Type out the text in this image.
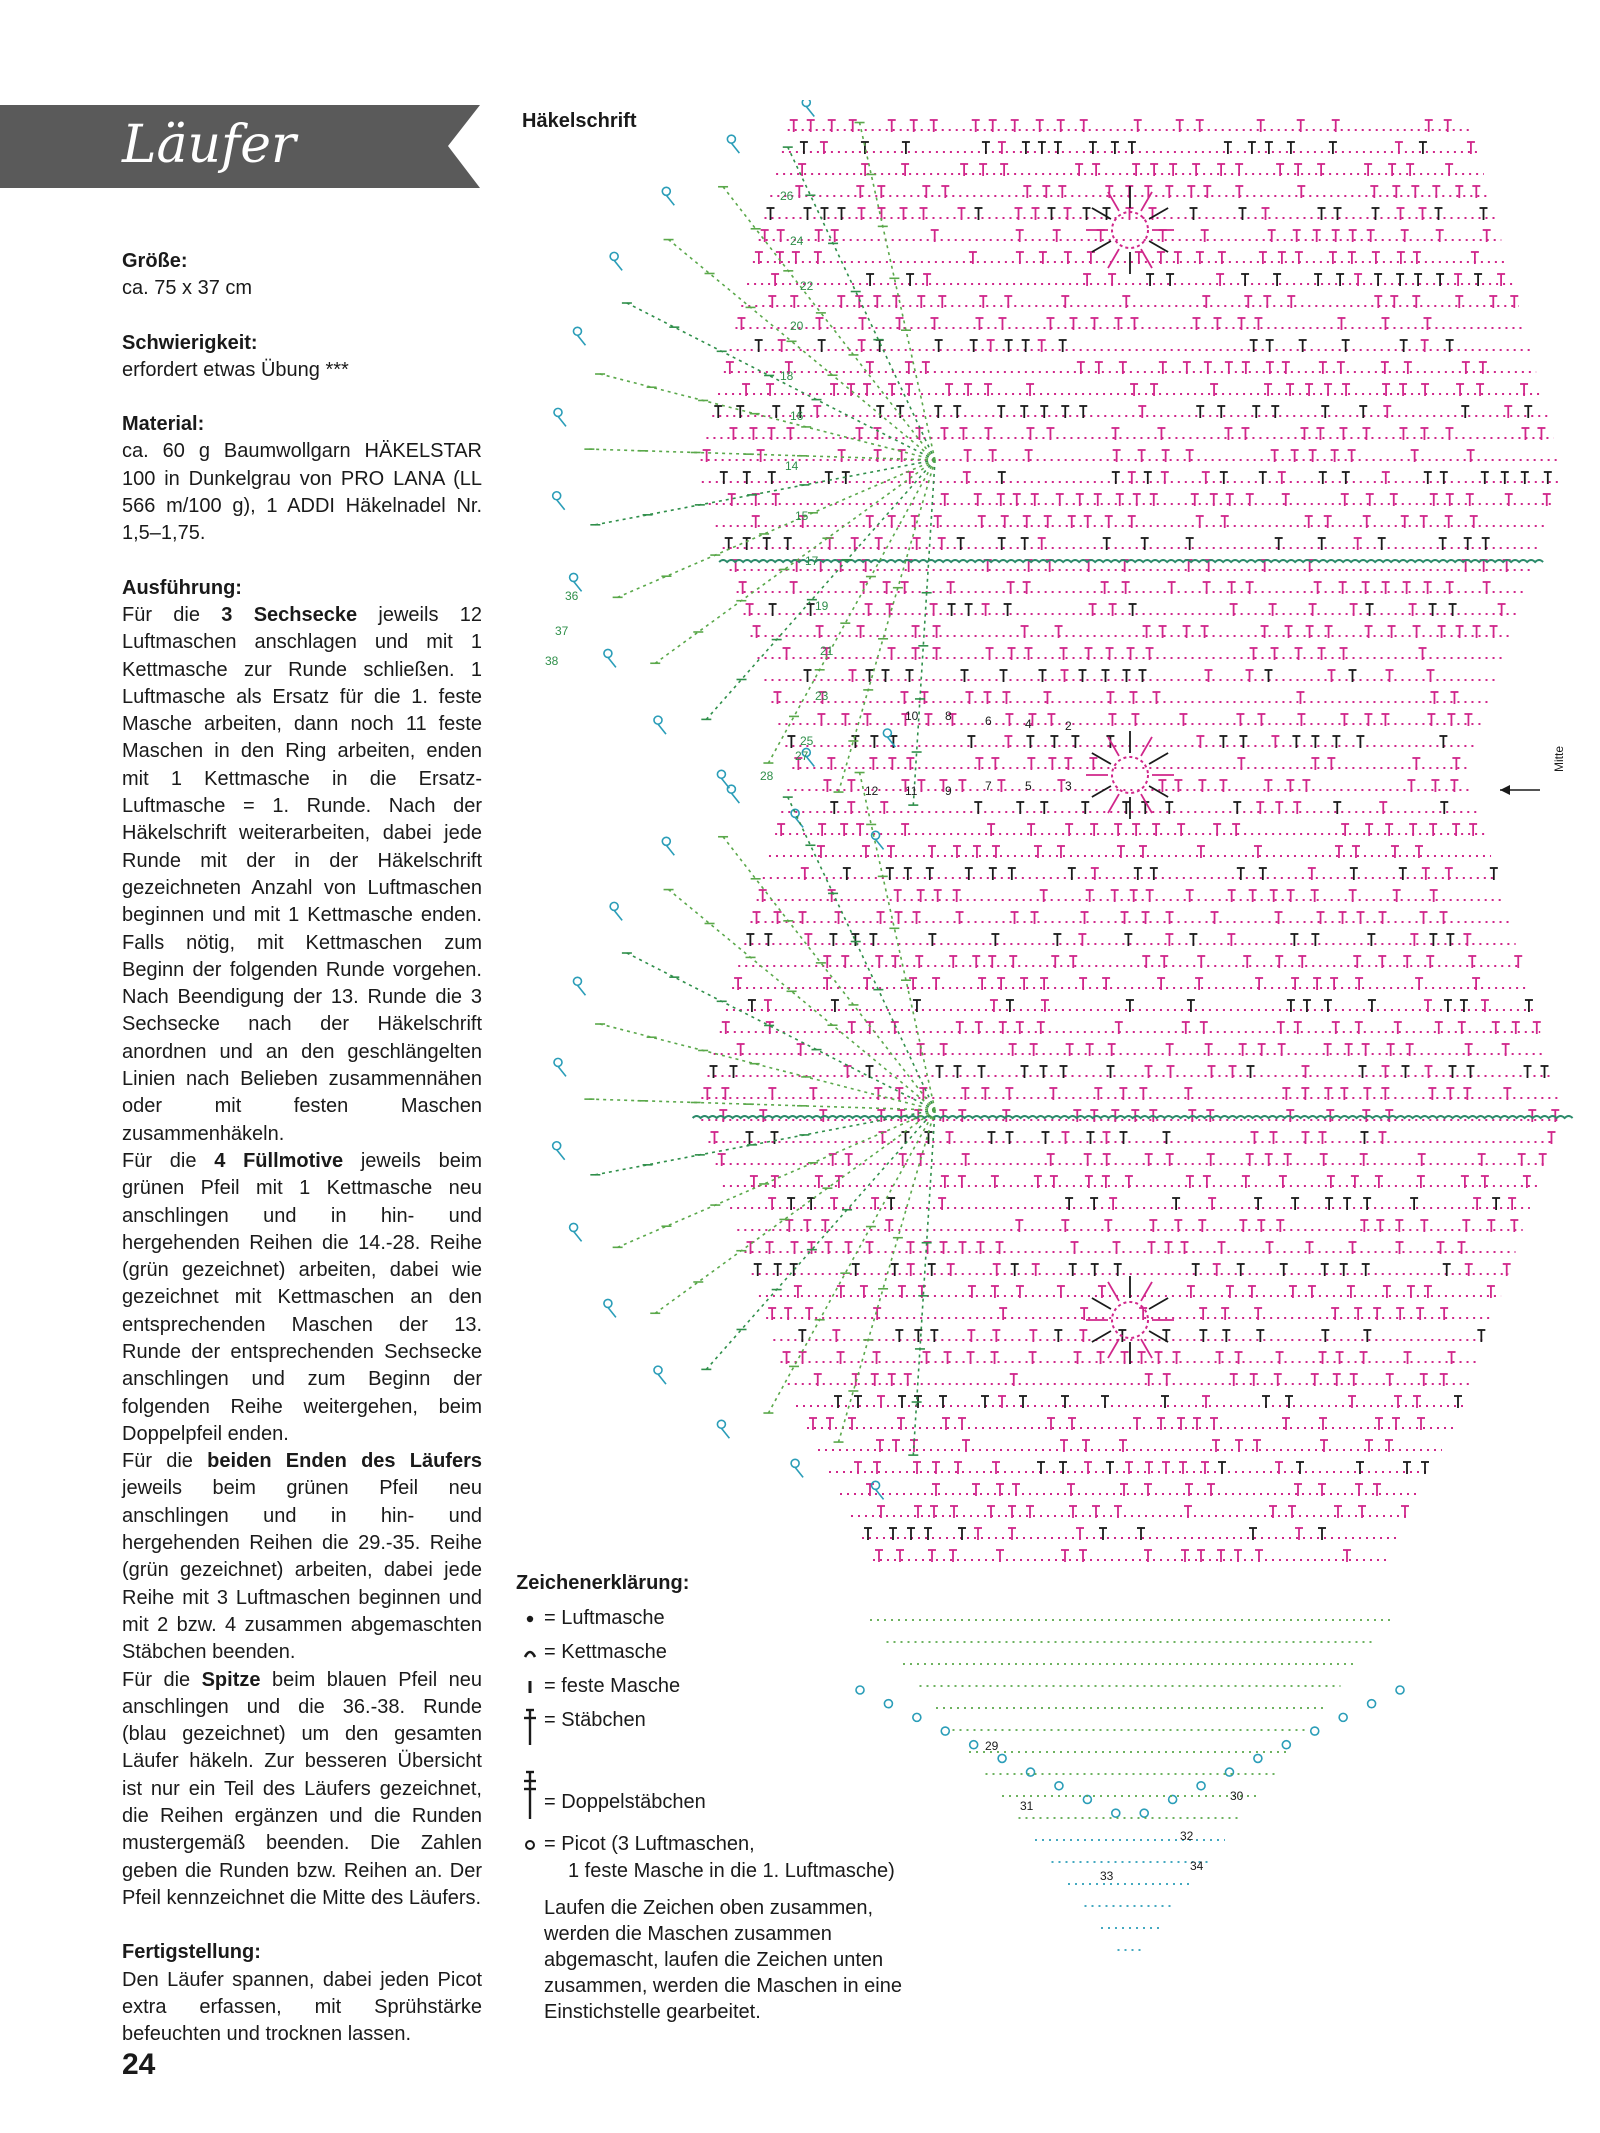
Läufer
Größe:
ca. 75 x 37 cm
Schwierigkeit:
erfordert etwas Übung ***
Material:

ca. 60 g Baumwollgarn HÄKELSTAR 100 in Dunkelgrau von PRO LANA (LL 566 m/100 g), 1 ADDI Häkelnadel Nr. 1,5–1,75.

Ausführung:

Für die 3 Sechsecke jeweils 12 Luftmaschen anschlagen und mit 1 Kettmasche zur Runde schließen. 1 Luftmasche als Ersatz für die 1. feste Masche arbeiten, dann noch 11 feste Maschen in den Ring arbeiten, enden mit 1 Kettmasche in die Ersatz-Luftmasche = 1. Runde. Nach der Häkelschrift weiterarbeiten, dabei jede Runde mit der in der Häkelschrift gezeichneten Anzahl von Luftmaschen beginnen und mit 1 Kettmasche enden. Falls nötig, mit Kettmaschen zum Beginn der folgenden Runde vorgehen. Nach Beendigung der 13. Runde die 3 Sechsecke nach der Häkelschrift anordnen und an den geschlängelten Linien nach Belieben zusammennähen oder mit festen Maschen zusammenhäkeln.

Für die 4 Füllmotive jeweils beim grünen Pfeil mit 1 Kettmasche neu anschlingen und in hin- und hergehenden Reihen die 14.-28. Reihe (grün gezeichnet) arbeiten, dabei wie gezeichnet mit Kettmaschen an den entsprechenden Maschen der 13. Runde der entsprechenden Sechsecke anschlingen und zum Beginn der folgenden Reihe weitergehen, beim Doppelpfeil enden.

Für die beiden Enden des Läufers jeweils beim grünen Pfeil neu anschlingen und in hin- und hergehenden Reihen die 29.-35. Reihe (grün gezeichnet) arbeiten, dabei jede Reihe mit 3 Luftmaschen beginnen und mit 2 bzw. 4 zusammen abgemaschten Stäbchen beenden.

Für die Spitze beim blauen Pfeil neu anschlingen und die 36.-38. Runde (blau gezeichnet) um den gesamten Läufer häkeln. Zur besseren Übersicht ist nur ein Teil des Läufers gezeichnet, die Reihen ergänzen und die Runden mustergemäß beenden. Die Zahlen geben die Runden bzw. Reihen an. Der Pfeil kennzeichnet die Mitte des Läufers.

Fertigstellung:

Den Läufer spannen, dabei jeden Picot extra erfassen, mit Sprühstärke befeuchten und trocknen lassen.

24

Häkelschrift
26
24
22
20
18
16
14
15
17
19
21
23
25
27
28
36
37
38
29
30
31
32
33
34
10 8	6	4	2
3
5
7
9
11
12
Mitte
Zeichenerklärung:
= Luftmasche
= Kettmasche
= feste Masche
= Stäbchen
= Doppelstäbchen
= Picot (3 Luftmaschen,
1 feste Masche in die 1. Luftmasche)
Laufen die Zeichen oben zusammen, werden die Maschen zusammen abgemascht, laufen die Zeichen unten zusammen, werden die Maschen in eine Einstichstelle gearbeitet.
